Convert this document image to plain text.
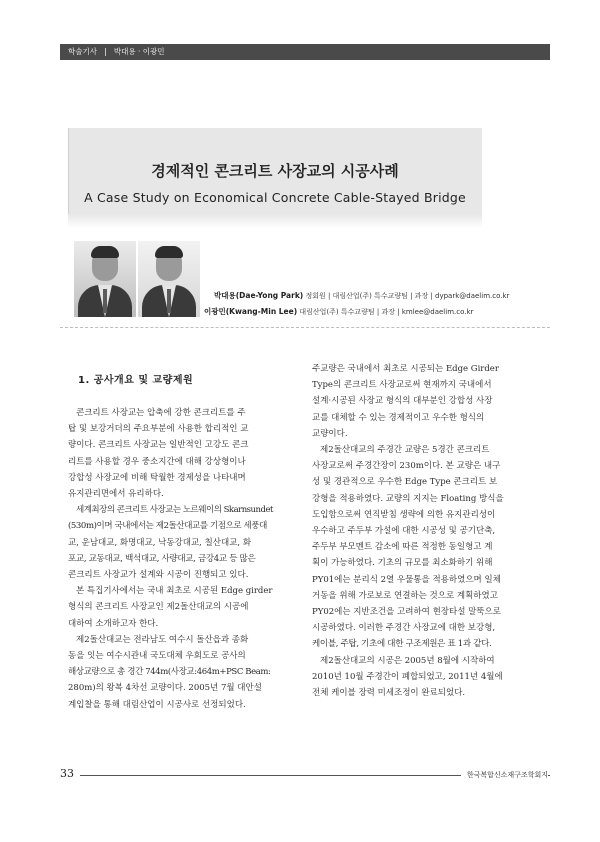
학술기사 | 박대용 · 이광민
경제적인 콘크리트 사장교의 시공사례
A Case Study on Economical Concrete Cable-Stayed Bridge
박대용(Dae-Yong Park) 정회원 | 대림산업(주) 특수교량팀 | 과장 | dypark@daelim.co.kr
이광민(Kwang-Min Lee) 대림산업(주) 특수교량팀 | 과장 | kmlee@daelim.co.kr
1. 공사개요 및 교량제원

콘크리트 사장교는 압축에 강한 콘크리트를 주

탑 및 보강거더의 주요부분에 사용한 합리적인 교

량이다. 콘크리트 사장교는 일반적인 고강도 콘크

리트를 사용할 경우 중소지간에 대해 강상형이나

강합성 사장교에 비해 탁월한 경제성을 나타내며

유지관리면에서 유리하다.

세계최장의 콘크리트 사장교는 노르웨이의 Skarnsundet

(530m)이며 국내에서는 제2돌산대교를 기점으로 세풍대

교, 운남대교, 화명대교, 낙동강대교, 칠산대교, 화

포교, 교동대교, 백석대교, 사량대교, 금강4교 등 많은

콘크리트 사장교가 설계와 시공이 진행되고 있다.

본 특집기사에서는 국내 최초로 시공된 Edge girder

형식의 콘크리트 사장교인 제2돌산대교의 시공에

대하여 소개하고자 한다.

제2돌산대교는 전라남도 여수시 돌산읍과 종화

동을 잇는 여수시관내 국도대체 우회도로 공사의

해상교량으로 총 경간 744m(사장교:464m+PSC Beam:

280m)의 왕복 4차선 교량이다. 2005년 7월 대안설

계입찰을 통해 대림산업이 시공사로 선정되었다.

주교량은 국내에서 최초로 시공되는 Edge Girder

Type의 콘크리트 사장교로써 현재까지 국내에서

설계·시공된 사장교 형식의 대부분인 강합성 사장

교를 대체할 수 있는 경제적이고 우수한 형식의

교량이다.

제2돌산대교의 주경간 교량은 5경간 콘크리트

사장교로써 주경간장이 230m이다. 본 교량은 내구

성 및 경관적으로 우수한 Edge Type 콘크리트 보

강형을 적용하였다. 교량의 지지는 Floating 방식을

도입함으로써 연직받침 생략에 의한 유지관리성이

우수하고 주두부 가설에 대한 시공성 및 공기단축,

주두부 부모멘트 감소에 따른 적정한 동일형고 계

획이 가능하였다. 기초의 규모를 최소화하기 위해

PY01에는 분리식 2열 우물통을 적용하였으며 일체

거동을 위해 가로보로 연결하는 것으로 계획하였고

PY02에는 지반조건을 고려하여 현장타설 말뚝으로

시공하였다. 이러한 주경간 사장교에 대한 보강형,

케이블, 주탑, 기초에 대한 구조제원은 표 1과 같다.

제2돌산대교의 시공은 2005년 8월에 시작하여

2010년 10월 주경간이 폐합되었고, 2011년 4월에

전체 케이블 장력 미세조정이 완료되었다.

33	한국복합신소재구조학회지
